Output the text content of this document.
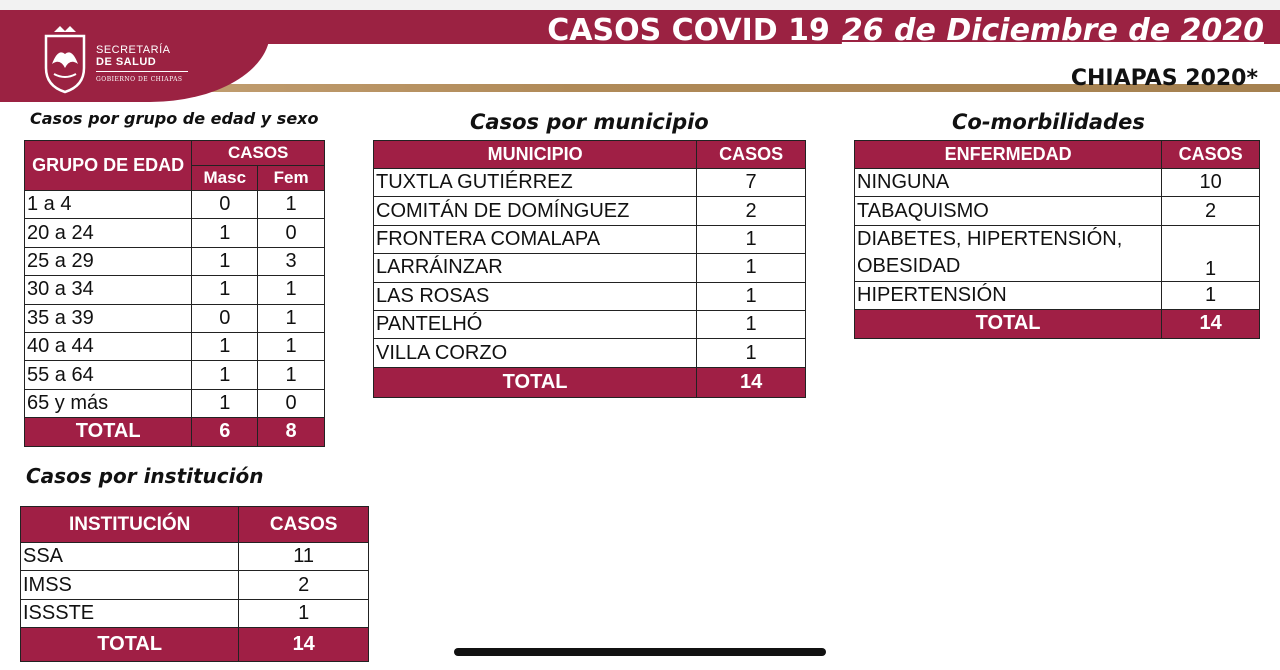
CASOS COVID 19 26 de Diciembre de 2020
CHIAPAS 2020*
SECRETARÍA
DE SALUD
GOBIERNO DE CHIAPAS
Casos por grupo de edad y sexo
GRUPO DE EDAD	CASOS	
	Masc	Fem
1 a 4	0	1
20 a 24	1	0
25 a 29	1	3
30 a 34	1	1
35 a 39	0	1
40 a 44	1	1
55 a 64	1	1
65 y más	1	0
TOTAL	6	8
Casos por institución
INSTITUCIÓN	CASOS
SSA	11
IMSS	2
ISSSTE	1
TOTAL	14
Casos por municipio
MUNICIPIO	CASOS
TUXTLA GUTIÉRREZ	7
COMITÁN DE DOMÍNGUEZ	2
FRONTERA COMALAPA	1
LARRÁINZAR	1
LAS ROSAS	1
PANTELHÓ	1
VILLA CORZO	1
TOTAL	14
Co-morbilidades
ENFERMEDAD	CASOS
NINGUNA	10
TABAQUISMO	2
DIABETES, HIPERTENSIÓN, OBESIDAD	1
HIPERTENSIÓN	1
TOTAL	14
